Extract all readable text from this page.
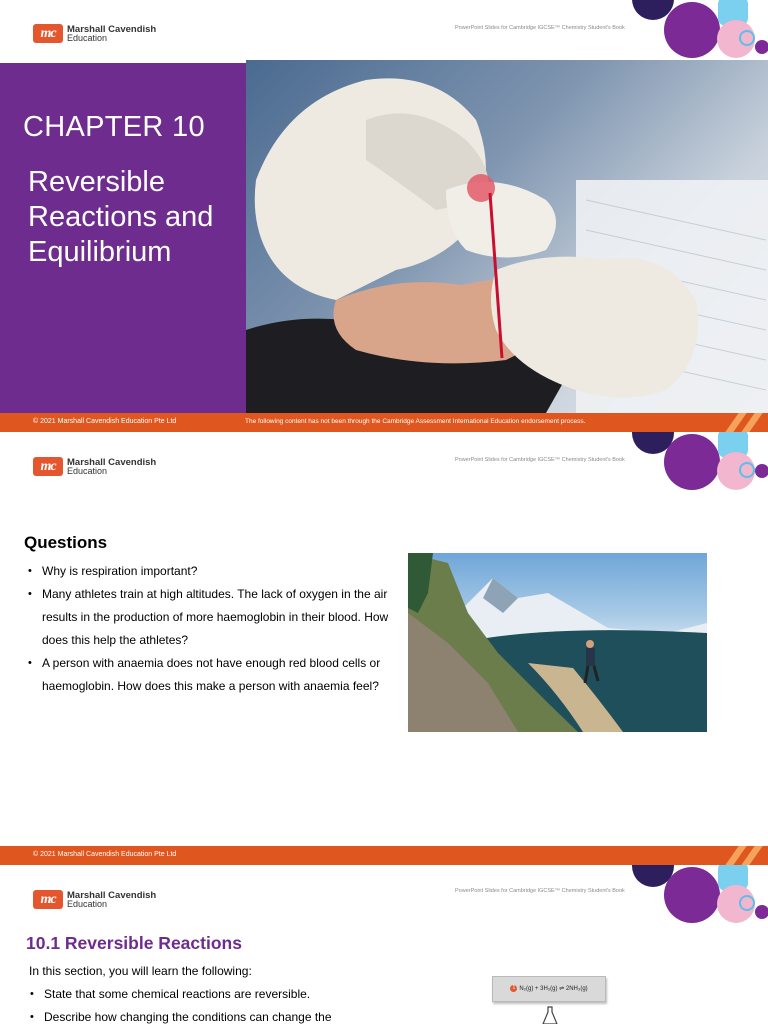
mc	Marshall Cavendish
Education
PowerPoint Slides for Cambridge IGCSE™ Chemistry Student's Book
CHAPTER 10
Reversible Reactions and Equilibrium
© 2021 Marshall Cavendish Education Pte Ltd	The following content has not been through the Cambridge Assessment International Education endorsement process.
mc	Marshall Cavendish
Education
PowerPoint Slides for Cambridge IGCSE™ Chemistry Student's Book
Questions
• Why is respiration important?
• Many athletes train at high altitudes. The lack of oxygen in the air results in the production of more haemoglobin in their blood. How does this help the athletes?
• A person with anaemia does not have enough red blood cells or haemoglobin. How does this make a person with anaemia feel?
© 2021 Marshall Cavendish Education Pte Ltd
mc	Marshall Cavendish
Education
PowerPoint Slides for Cambridge IGCSE™ Chemistry Student's Book
10.1 Reversible Reactions
In this section, you will learn the following:
• State that some chemical reactions are reversible.
• Describe how changing the conditions can change the
1 N₂(g) + 3H₂(g) ⇌ 2NH₃(g)
